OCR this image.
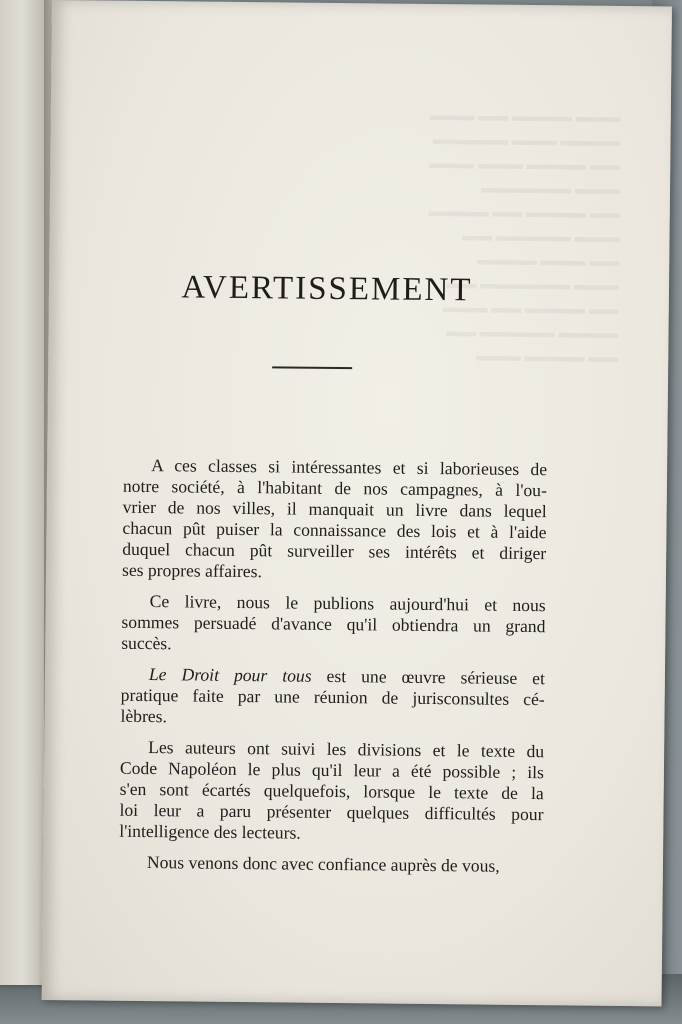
▬▬▬ ▬▬▬▬ ▬▬ ▬▬▬
▬▬▬▬ ▬▬▬ ▬▬▬▬▬
▬▬ ▬▬▬▬ ▬▬▬ ▬▬▬
▬▬▬ ▬▬▬▬▬▬
▬▬ ▬▬▬▬ ▬▬ ▬▬▬▬
▬▬▬ ▬▬▬▬▬ ▬▬
▬▬ ▬▬▬ ▬▬▬▬
▬▬▬ ▬▬▬▬▬▬ ▬▬
▬▬ ▬▬▬▬ ▬▬ ▬▬▬
▬▬▬▬ ▬▬▬▬▬ ▬▬
▬▬ ▬▬▬▬ ▬▬▬
AVERTISSEMENT

A ces classes si intéressantes et si laborieuses de
notre société, à l'habitant de nos campagnes, à l'ou-
vrier de nos villes, il manquait un livre dans lequel
chacun pût puiser la connaissance des lois et à l'aide
duquel chacun pût surveiller ses intérêts et diriger
ses propres affaires.

Ce livre, nous le publions aujourd'hui et nous
sommes persuadé d'avance qu'il obtiendra un grand
succès.

Le Droit pour tous est une œuvre sérieuse et
pratique faite par une réunion de jurisconsultes cé-
lèbres.

Les auteurs ont suivi les divisions et le texte du
Code Napoléon le plus qu'il leur a été possible ; ils
s'en sont écartés quelquefois, lorsque le texte de la
loi leur a paru présenter quelques difficultés pour
l'intelligence des lecteurs.

Nous venons donc avec confiance auprès de vous,
